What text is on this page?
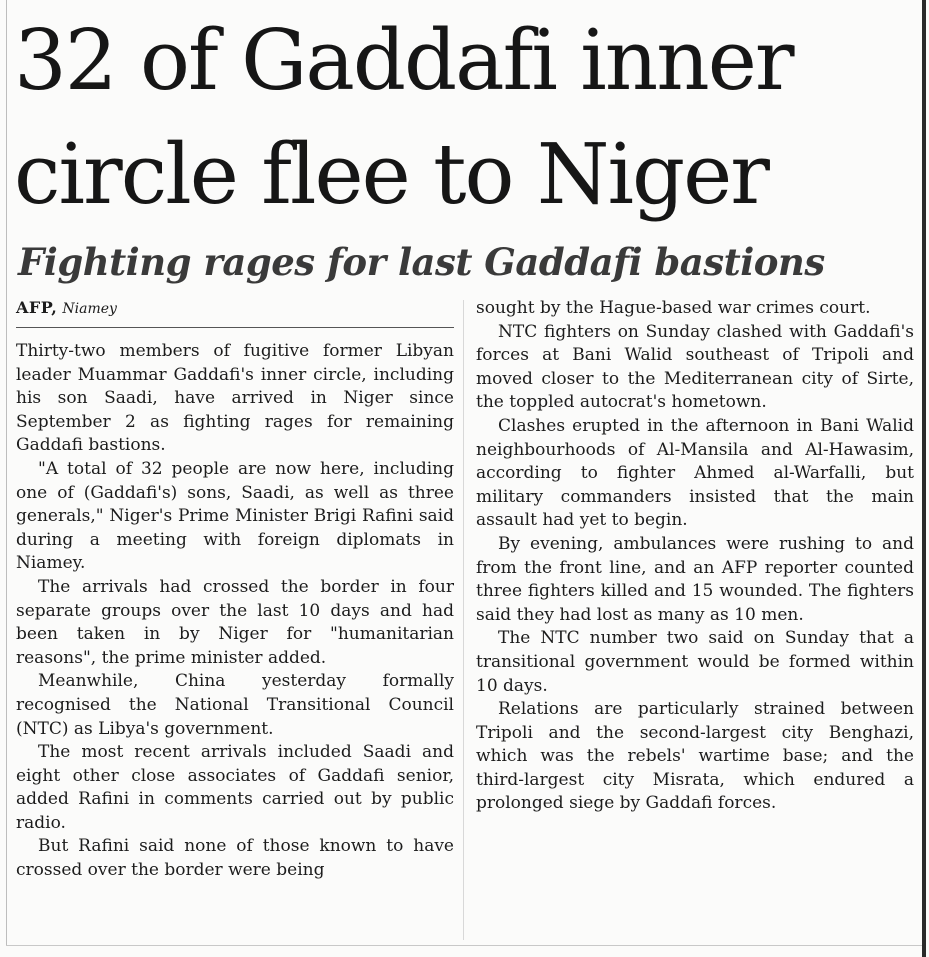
32 of Gaddafi inner
circle flee to Niger
Fighting rages for last Gaddafi bastions
AFP, Niamey

Thirty-two members of fugitive former Libyan leader Muammar Gaddafi's inner circle, including his son Saadi, have arrived in Niger since September 2 as fighting rages for remaining Gaddafi bastions.

"A total of 32 people are now here, including one of (Gaddafi's) sons, Saadi, as well as three generals," Niger's Prime Minister Brigi Rafini said during a meeting with foreign diplomats in Niamey.

The arrivals had crossed the border in four separate groups over the last 10 days and had been taken in by Niger for "humanitarian reasons", the prime minister added.

Meanwhile, China yesterday formally recognised the National Transitional Council (NTC) as Libya's government.

The most recent arrivals included Saadi and eight other close associates of Gaddafi senior, added Rafini in comments carried out by public radio.

But Rafini said none of those known to have crossed over the border were being

sought by the Hague-based war crimes court.

NTC fighters on Sunday clashed with Gaddafi's forces at Bani Walid southeast of Tripoli and moved closer to the Mediterranean city of Sirte, the toppled autocrat's hometown.

Clashes erupted in the afternoon in Bani Walid neighbourhoods of Al-Mansila and Al-Hawasim, according to fighter Ahmed al-Warfalli, but military commanders insisted that the main assault had yet to begin.

By evening, ambulances were rushing to and from the front line, and an AFP reporter counted three fighters killed and 15 wounded. The fighters said they had lost as many as 10 men.

The NTC number two said on Sunday that a transitional government would be formed within 10 days.

Relations are particularly strained between Tripoli and the second-largest city Benghazi, which was the rebels' wartime base; and the third-largest city Misrata, which endured a prolonged siege by Gaddafi forces.
